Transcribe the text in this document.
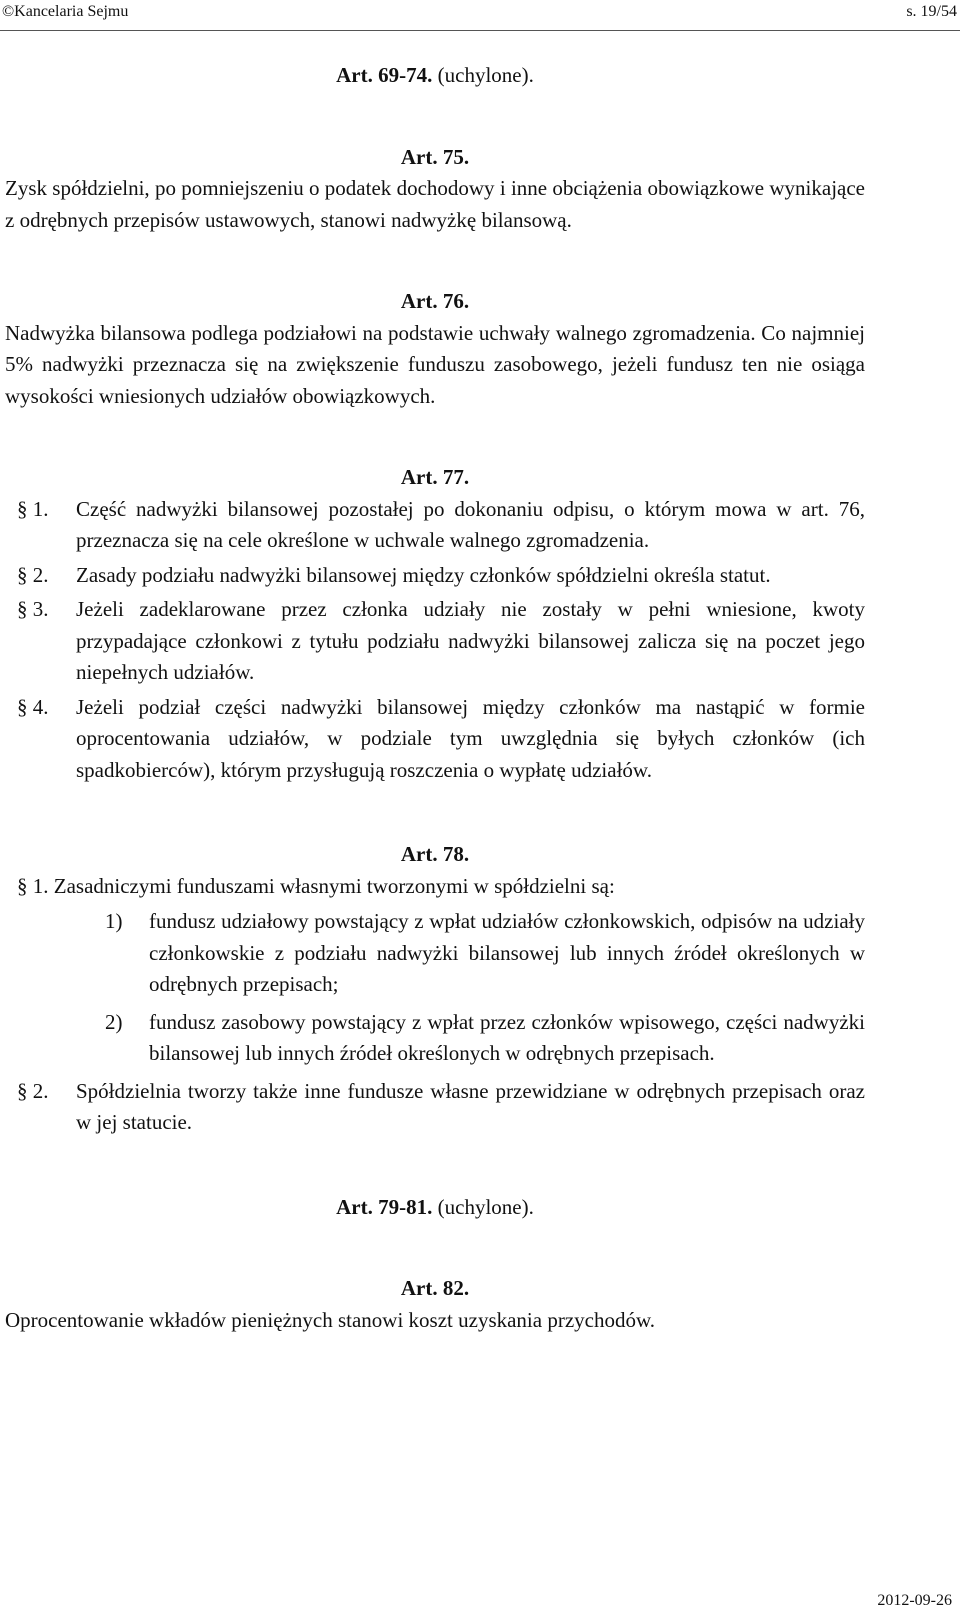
©Kancelaria Sejmu	s. 19/54

Art. 69-74. (uchylone).

Art. 75.

Zysk spółdzielni, po pomniejszeniu o podatek dochodowy i inne obciążenia obowiązkowe wynikające z odrębnych przepisów ustawowych, stanowi nadwyżkę bilansową.

Art. 76.

Nadwyżka bilansowa podlega podziałowi na podstawie uchwały walnego zgromadzenia. Co najmniej 5% nadwyżki przeznacza się na zwiększenie funduszu zasobowego, jeżeli fundusz ten nie osiąga wysokości wniesionych udziałów obowiązkowych.

Art. 77.

§ 1. Część nadwyżki bilansowej pozostałej po dokonaniu odpisu, o którym mowa w art. 76, przeznacza się na cele określone w uchwale walnego zgromadzenia.
§ 2. Zasady podziału nadwyżki bilansowej między członków spółdzielni określa statut.
§ 3. Jeżeli zadeklarowane przez członka udziały nie zostały w pełni wniesione, kwoty przypadające członkowi z tytułu podziału nadwyżki bilansowej zalicza się na poczet jego niepełnych udziałów.
§ 4. Jeżeli podział części nadwyżki bilansowej między członków ma nastąpić w formie oprocentowania udziałów, w podziale tym uwzględnia się byłych członków (ich spadkobierców), którym przysługują roszczenia o wypłatę udziałów.

Art. 78.

§ 1. Zasadniczymi funduszami własnymi tworzonymi w spółdzielni są:
1) fundusz udziałowy powstający z wpłat udziałów członkowskich, odpisów na udziały członkowskie z podziału nadwyżki bilansowej lub innych źródeł określonych w odrębnych przepisach;
2) fundusz zasobowy powstający z wpłat przez członków wpisowego, części nadwyżki bilansowej lub innych źródeł określonych w odrębnych przepisach.
§ 2. Spółdzielnia tworzy także inne fundusze własne przewidziane w odrębnych przepisach oraz w jej statucie.

Art. 79-81. (uchylone).

Art. 82.

Oprocentowanie wkładów pieniężnych stanowi koszt uzyskania przychodów.

2012-09-26
